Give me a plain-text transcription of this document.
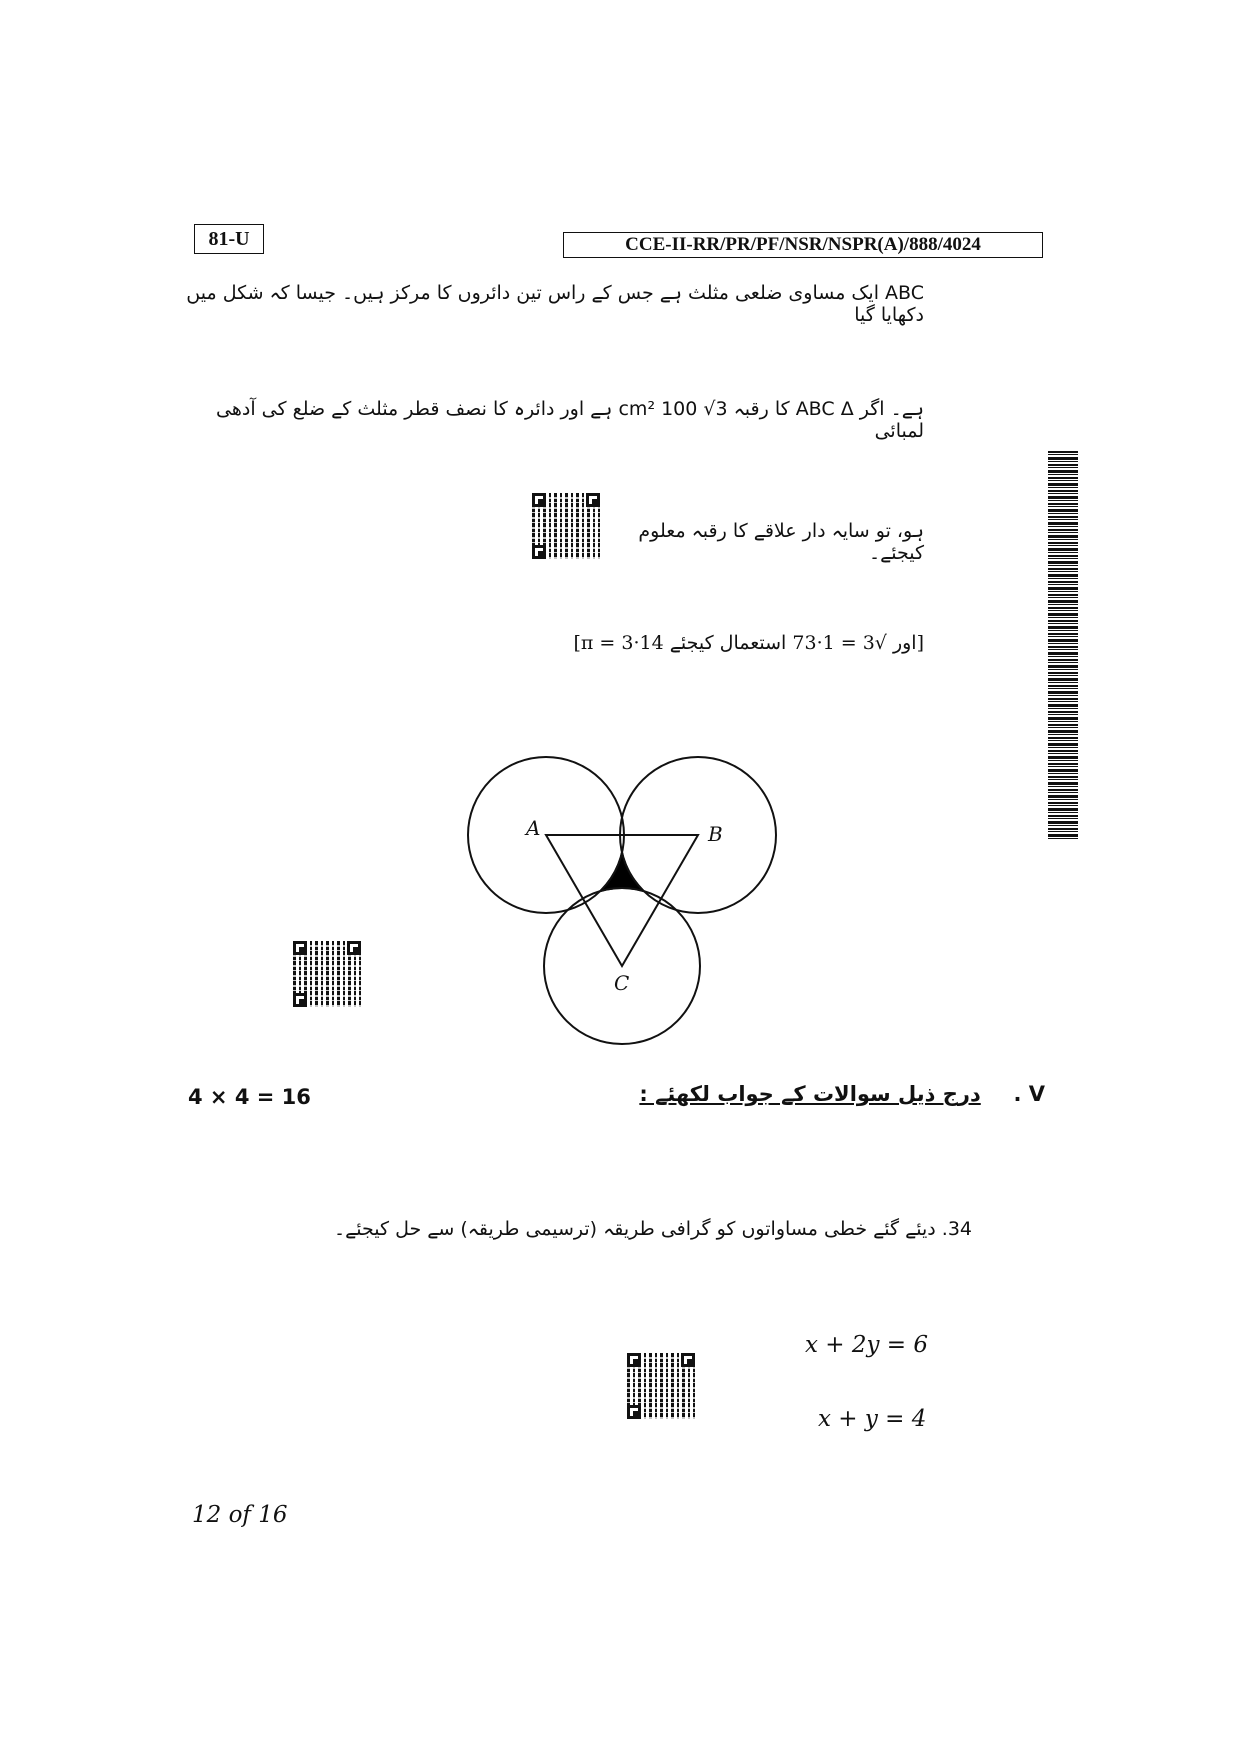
81-U	CCE-II-RR/PR/PF/NSR/NSPR(A)/888/4024
ABC ایک مساوی ضلعی مثلث ہے جس کے راس تین دائروں کا مرکز ہیں۔ جیسا کہ شکل میں دکھایا گیا
ہے۔ اگر ABC Δ کا رقبہ cm² 100 √3 ہے اور دائرہ کا نصف قطر مثلث کے ضلع کی آدھی لمبائی
ہو، تو سایہ دار علاقے کا رقبہ معلوم کیجئے۔
[π = 3·14 اور √3 = 1·73 استعمال کیجئے]
A	B
C
4 × 4 = 16	V . درج ذیل سوالات کے جواب لکھئے :
34. دیئے گئے خطی مساواتوں کو گرافی طریقہ (ترسیمی طریقہ) سے حل کیجئے۔
x + 2y = 6
x + y = 4
12 of 16
